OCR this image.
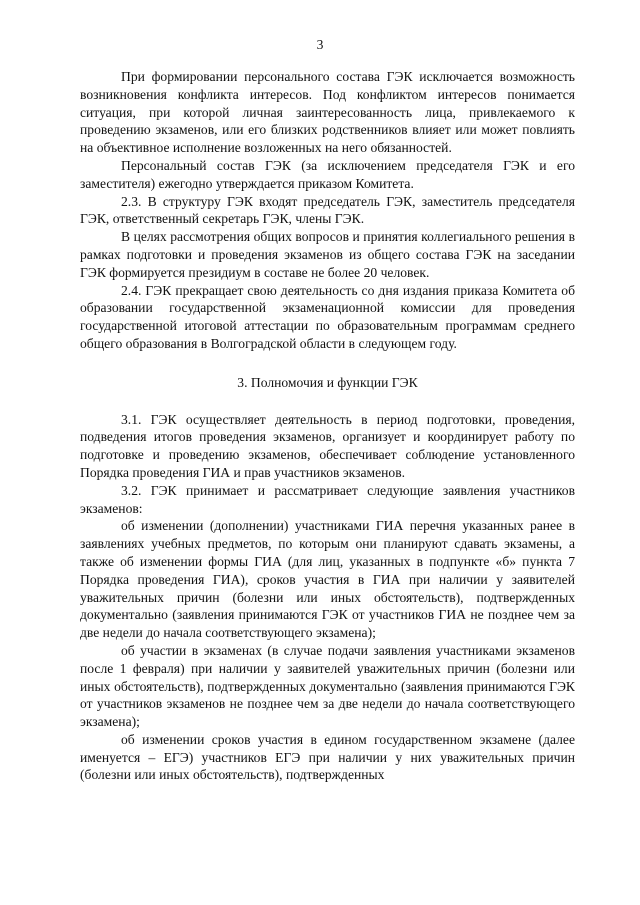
3

При формировании персонального состава ГЭК исключается возможность возникновения конфликта интересов. Под конфликтом интересов понимается ситуация, при которой личная заинтересованность лица, привлекаемого к проведению экзаменов, или его близких родственников влияет или может повлиять на объективное исполнение возложенных на него обязанностей.

Персональный состав ГЭК (за исключением председателя ГЭК и его заместителя) ежегодно утверждается приказом Комитета.

2.3. В структуру ГЭК входят председатель ГЭК, заместитель председателя ГЭК, ответственный секретарь ГЭК, члены ГЭК.

В целях рассмотрения общих вопросов и принятия коллегиального решения в рамках подготовки и проведения экзаменов из общего состава ГЭК на заседании ГЭК формируется президиум в составе не более 20 человек.

2.4. ГЭК прекращает свою деятельность со дня издания приказа Комитета об образовании государственной экзаменационной комиссии для проведения государственной итоговой аттестации по образовательным программам среднего общего образования в Волгоградской области в следующем году.

3. Полномочия и функции ГЭК

3.1. ГЭК осуществляет деятельность в период подготовки, проведения, подведения итогов проведения экзаменов, организует и координирует работу по подготовке и проведению экзаменов, обеспечивает соблюдение установленного Порядка проведения ГИА и прав участников экзаменов.

3.2. ГЭК принимает и рассматривает следующие заявления участников экзаменов:

об изменении (дополнении) участниками ГИА перечня указанных ранее в заявлениях учебных предметов, по которым они планируют сдавать экзамены, а также об изменении формы ГИА (для лиц, указанных в подпункте «б» пункта 7 Порядка проведения ГИА), сроков участия в ГИА при наличии у заявителей уважительных причин (болезни или иных обстоятельств), подтвержденных документально (заявления принимаются ГЭК от участников ГИА не позднее чем за две недели до начала соответствующего экзамена);

об участии в экзаменах (в случае подачи заявления участниками экзаменов после 1 февраля) при наличии у заявителей уважительных причин (болезни или иных обстоятельств), подтвержденных документально (заявления принимаются ГЭК от участников экзаменов не позднее чем за две недели до начала соответствующего экзамена);

об изменении сроков участия в едином государственном экзамене (далее именуется – ЕГЭ) участников ЕГЭ при наличии у них уважительных причин (болезни или иных обстоятельств), подтвержденных
